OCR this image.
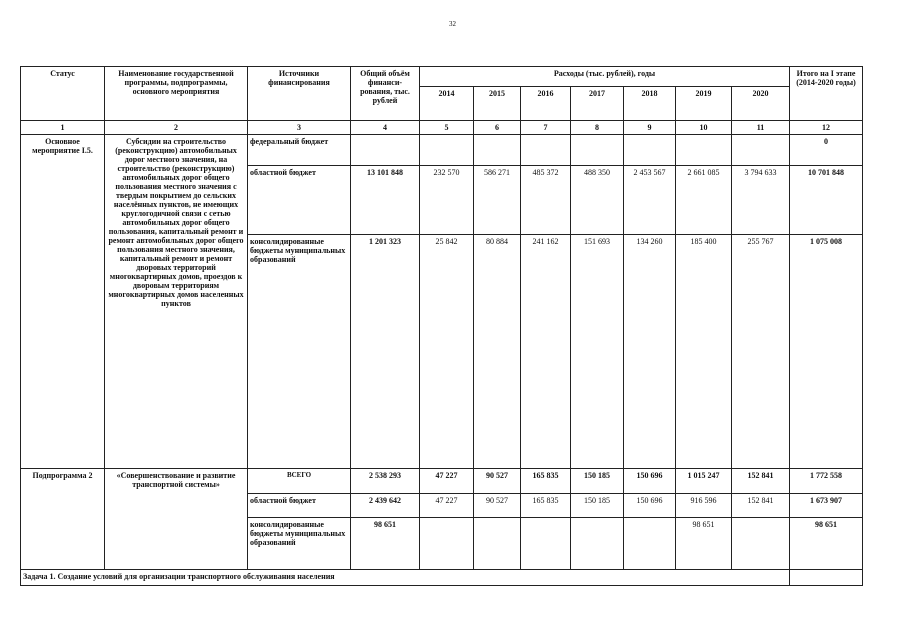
32
Статус	Наименование государственной программы, подпрограммы, основного мероприятия	Источники финансирования	Общий объём финанси- рования, тыс. рублей	Расходы (тыс. рублей), годы							Итого на I этапе (2014-2020 годы)
				2014	2015	2016	2017	2018	2019	2020	
1	2	3	4	5	6	7	8	9	10	11	12
Основное мероприятие I.5.	Субсидии на строительство (реконструкцию) автомобильных дорог местного значения, на строительство (реконструкцию) автомобильных дорог общего пользования местного значения с твердым покрытием до сельских населённых пунктов, не имеющих круглогодичной связи с сетью автомобильных дорог общего пользования, капитальный ремонт и ремонт автомобильных дорог общего пользования местного значения, капитальный ремонт и ремонт дворовых территорий многоквартирных домов, проездов к дворовым территориям многоквартирных домов населенных пунктов	федеральный бюджет									0
		областной бюджет	13 101 848	232 570	586 271	485 372	488 350	2 453 567	2 661 085	3 794 633	10 701 848
		консолидированные бюджеты муниципальных образований	1 201 323	25 842	80 884	241 162	151 693	134 260	185 400	255 767	1 075 008
Подпрограмма 2	«Совершенствование и развитие транспортной системы»	ВСЕГО	2 538 293	47 227	90 527	165 835	150 185	150 696	1 015 247	152 841	1 772 558
		областной бюджет	2 439 642	47 227	90 527	165 835	150 185	150 696	916 596	152 841	1 673 907
		консолидированные бюджеты муниципальных образований	98 651						98 651		98 651
Задача 1. Создание условий для организации транспортного обслуживания населения											
